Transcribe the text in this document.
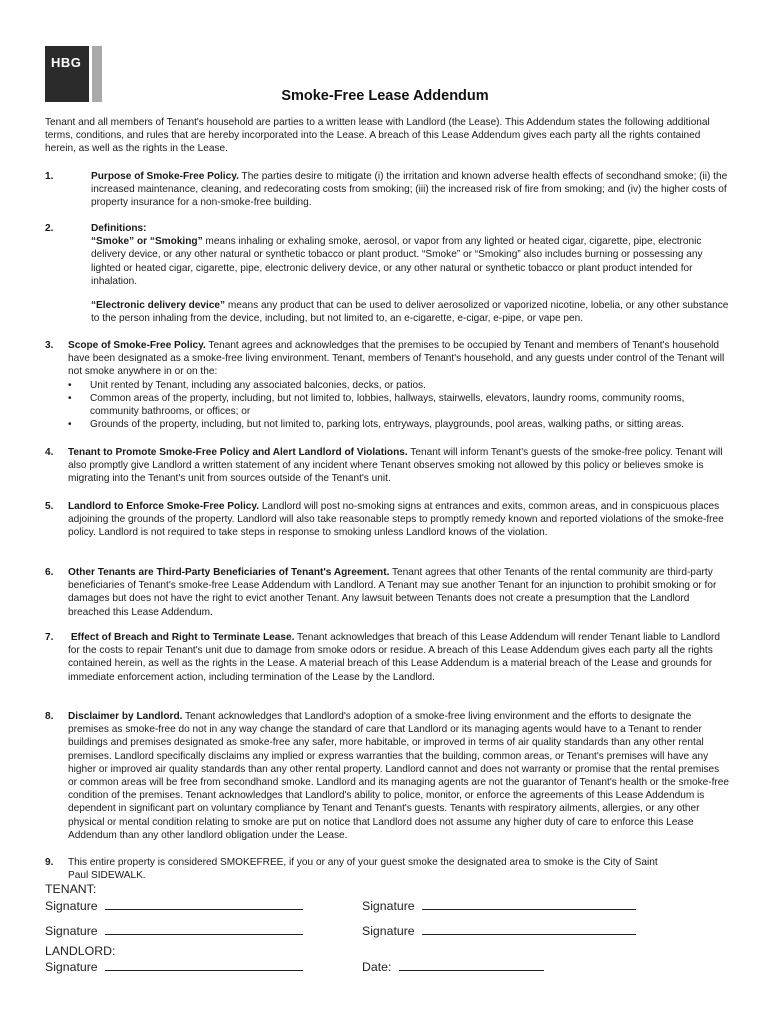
HBG
Smoke-Free Lease Addendum
Tenant and all members of Tenant's household are parties to a written lease with Landlord (the Lease). This Addendum states the following additional terms, conditions, and rules that are hereby incorporated into the Lease. A breach of this Lease Addendum gives each party all the rights contained herein, as well as the rights in the Lease.
1.	Purpose of Smoke-Free Policy. The parties desire to mitigate (i) the irritation and known adverse health effects of secondhand smoke; (ii) the increased maintenance, cleaning, and redecorating costs from smoking; (iii) the increased risk of fire from smoking; and (iv) the higher costs of property insurance for a non-smoke-free building.
2.	Definitions:
“Smoke” or “Smoking” means inhaling or exhaling smoke, aerosol, or vapor from any lighted or heated cigar, cigarette, pipe, electronic delivery device, or any other natural or synthetic tobacco or plant product. “Smoke” or “Smoking” also includes burning or possessing any lighted or heated cigar, cigarette, pipe, electronic delivery device, or any other natural or synthetic tobacco or plant product intended for inhalation.
“Electronic delivery device” means any product that can be used to deliver aerosolized or vaporized nicotine, lobelia, or any other substance to the person inhaling from the device, including, but not limited to, an e-cigarette, e-cigar, e-pipe, or vape pen.
3. Scope of Smoke-Free Policy. Tenant agrees and acknowledges that the premises to be occupied by Tenant and members of Tenant's household have been designated as a smoke-free living environment. Tenant, members of Tenant's household, and any guests under control of the Tenant will not smoke anywhere in or on the:
• Unit rented by Tenant, including any associated balconies, decks, or patios.
• Common areas of the property, including, but not limited to, lobbies, hallways, stairwells, elevators, laundry rooms, community rooms, community bathrooms, or offices; or
• Grounds of the property, including, but not limited to, parking lots, entryways, playgrounds, pool areas, walking paths, or sitting areas.
4. Tenant to Promote Smoke-Free Policy and Alert Landlord of Violations. Tenant will inform Tenant's guests of the smoke-free policy. Tenant will also promptly give Landlord a written statement of any incident where Tenant observes smoking not allowed by this policy or believes smoke is migrating into the Tenant's unit from sources outside of the Tenant's unit.
5. Landlord to Enforce Smoke-Free Policy. Landlord will post no-smoking signs at entrances and exits, common areas, and in conspicuous places adjoining the grounds of the property. Landlord will also take reasonable steps to promptly remedy known and reported violations of the smoke-free policy. Landlord is not required to take steps in response to smoking unless Landlord knows of the violation.
6. Other Tenants are Third-Party Beneficiaries of Tenant's Agreement. Tenant agrees that other Tenants of the rental community are third-party beneficiaries of Tenant's smoke-free Lease Addendum with Landlord. A Tenant may sue another Tenant for an injunction to prohibit smoking or for damages but does not have the right to evict another Tenant. Any lawsuit between Tenants does not create a presumption that the Landlord breached this Lease Addendum.
7. Effect of Breach and Right to Terminate Lease. Tenant acknowledges that breach of this Lease Addendum will render Tenant liable to Landlord for the costs to repair Tenant's unit due to damage from smoke odors or residue. A breach of this Lease Addendum gives each party all the rights contained herein, as well as the rights in the Lease. A material breach of this Lease Addendum is a material breach of the Lease and grounds for immediate enforcement action, including termination of the Lease by the Landlord.
8. Disclaimer by Landlord. Tenant acknowledges that Landlord's adoption of a smoke-free living environment and the efforts to designate the premises as smoke-free do not in any way change the standard of care that Landlord or its managing agents would have to a Tenant to render buildings and premises designated as smoke-free any safer, more habitable, or improved in terms of air quality standards than any other rental premises. Landlord specifically disclaims any implied or express warranties that the building, common areas, or Tenant's premises will have any higher or improved air quality standards than any other rental property. Landlord cannot and does not warranty or promise that the rental premises or common areas will be free from secondhand smoke. Landlord and its managing agents are not the guarantor of Tenant's health or the smoke-free condition of the premises. Tenant acknowledges that Landlord's ability to police, monitor, or enforce the agreements of this Lease Addendum is dependent in significant part on voluntary compliance by Tenant and Tenant's guests. Tenants with respiratory ailments, allergies, or any other physical or mental condition relating to smoke are put on notice that Landlord does not assume any higher duty of care to enforce this Lease Addendum than any other landlord obligation under the Lease.
9. This entire property is considered SMOKEFREE, if you or any of your guest smoke the designated area to smoke is the City of Saint Paul SIDEWALK.
TENANT:
Signature	Signature
Signature	Signature
LANDLORD:
Signature	Date:
